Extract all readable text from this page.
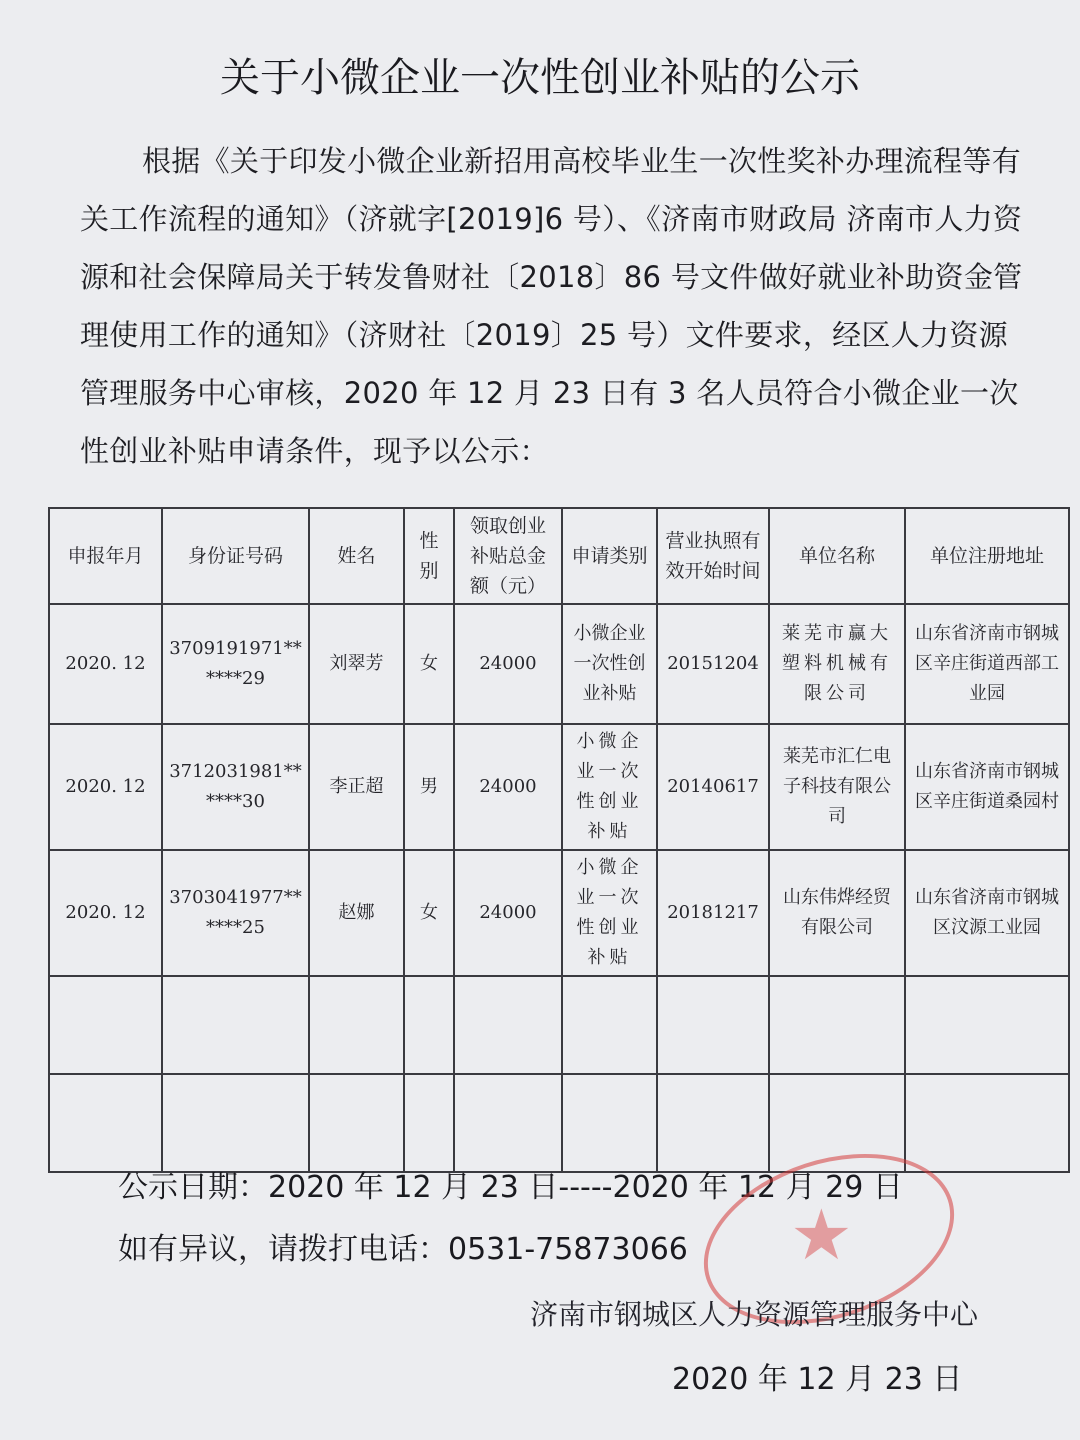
关于小微企业一次性创业补贴的公示
根据《关于印发小微企业新招用高校毕业生一次性奖补办理流程等有关工作流程的通知》（济就字[2019]6 号）、《济南市财政局 济南市人力资源和社会保障局关于转发鲁财社〔2018〕86 号文件做好就业补助资金管理使用工作的通知》（济财社〔2019〕25 号）文件要求，经区人力资源管理服务中心审核，2020 年 12 月 23 日有 3 名人员符合小微企业一次性创业补贴申请条件，现予以公示：
申报年月	身份证号码	姓名	性别	领取创业补贴总金额（元）	申请类别	营业执照有效开始时间	单位名称	单位注册地址
2020. 12	3709191971******29	刘翠芳	女	24000	小微企业一次性创业补贴	20151204	莱芜市赢大塑料机械有限公司	山东省济南市钢城区辛庄街道西部工业园
2020. 12	3712031981******30	李正超	男	24000	小微企业一次性创业补贴	20140617	莱芜市汇仁电子科技有限公司	山东省济南市钢城区辛庄街道桑园村
2020. 12	3703041977******25	赵娜	女	24000	小微企业一次性创业补贴	20181217	山东伟烨经贸有限公司	山东省济南市钢城区汶源工业园

公示日期：2020 年 12 月 23 日-----2020 年 12 月 29 日
如有异议，请拨打电话：0531-75873066 ★
济南市钢城区人力资源管理服务中心
2020 年 12 月 23 日
